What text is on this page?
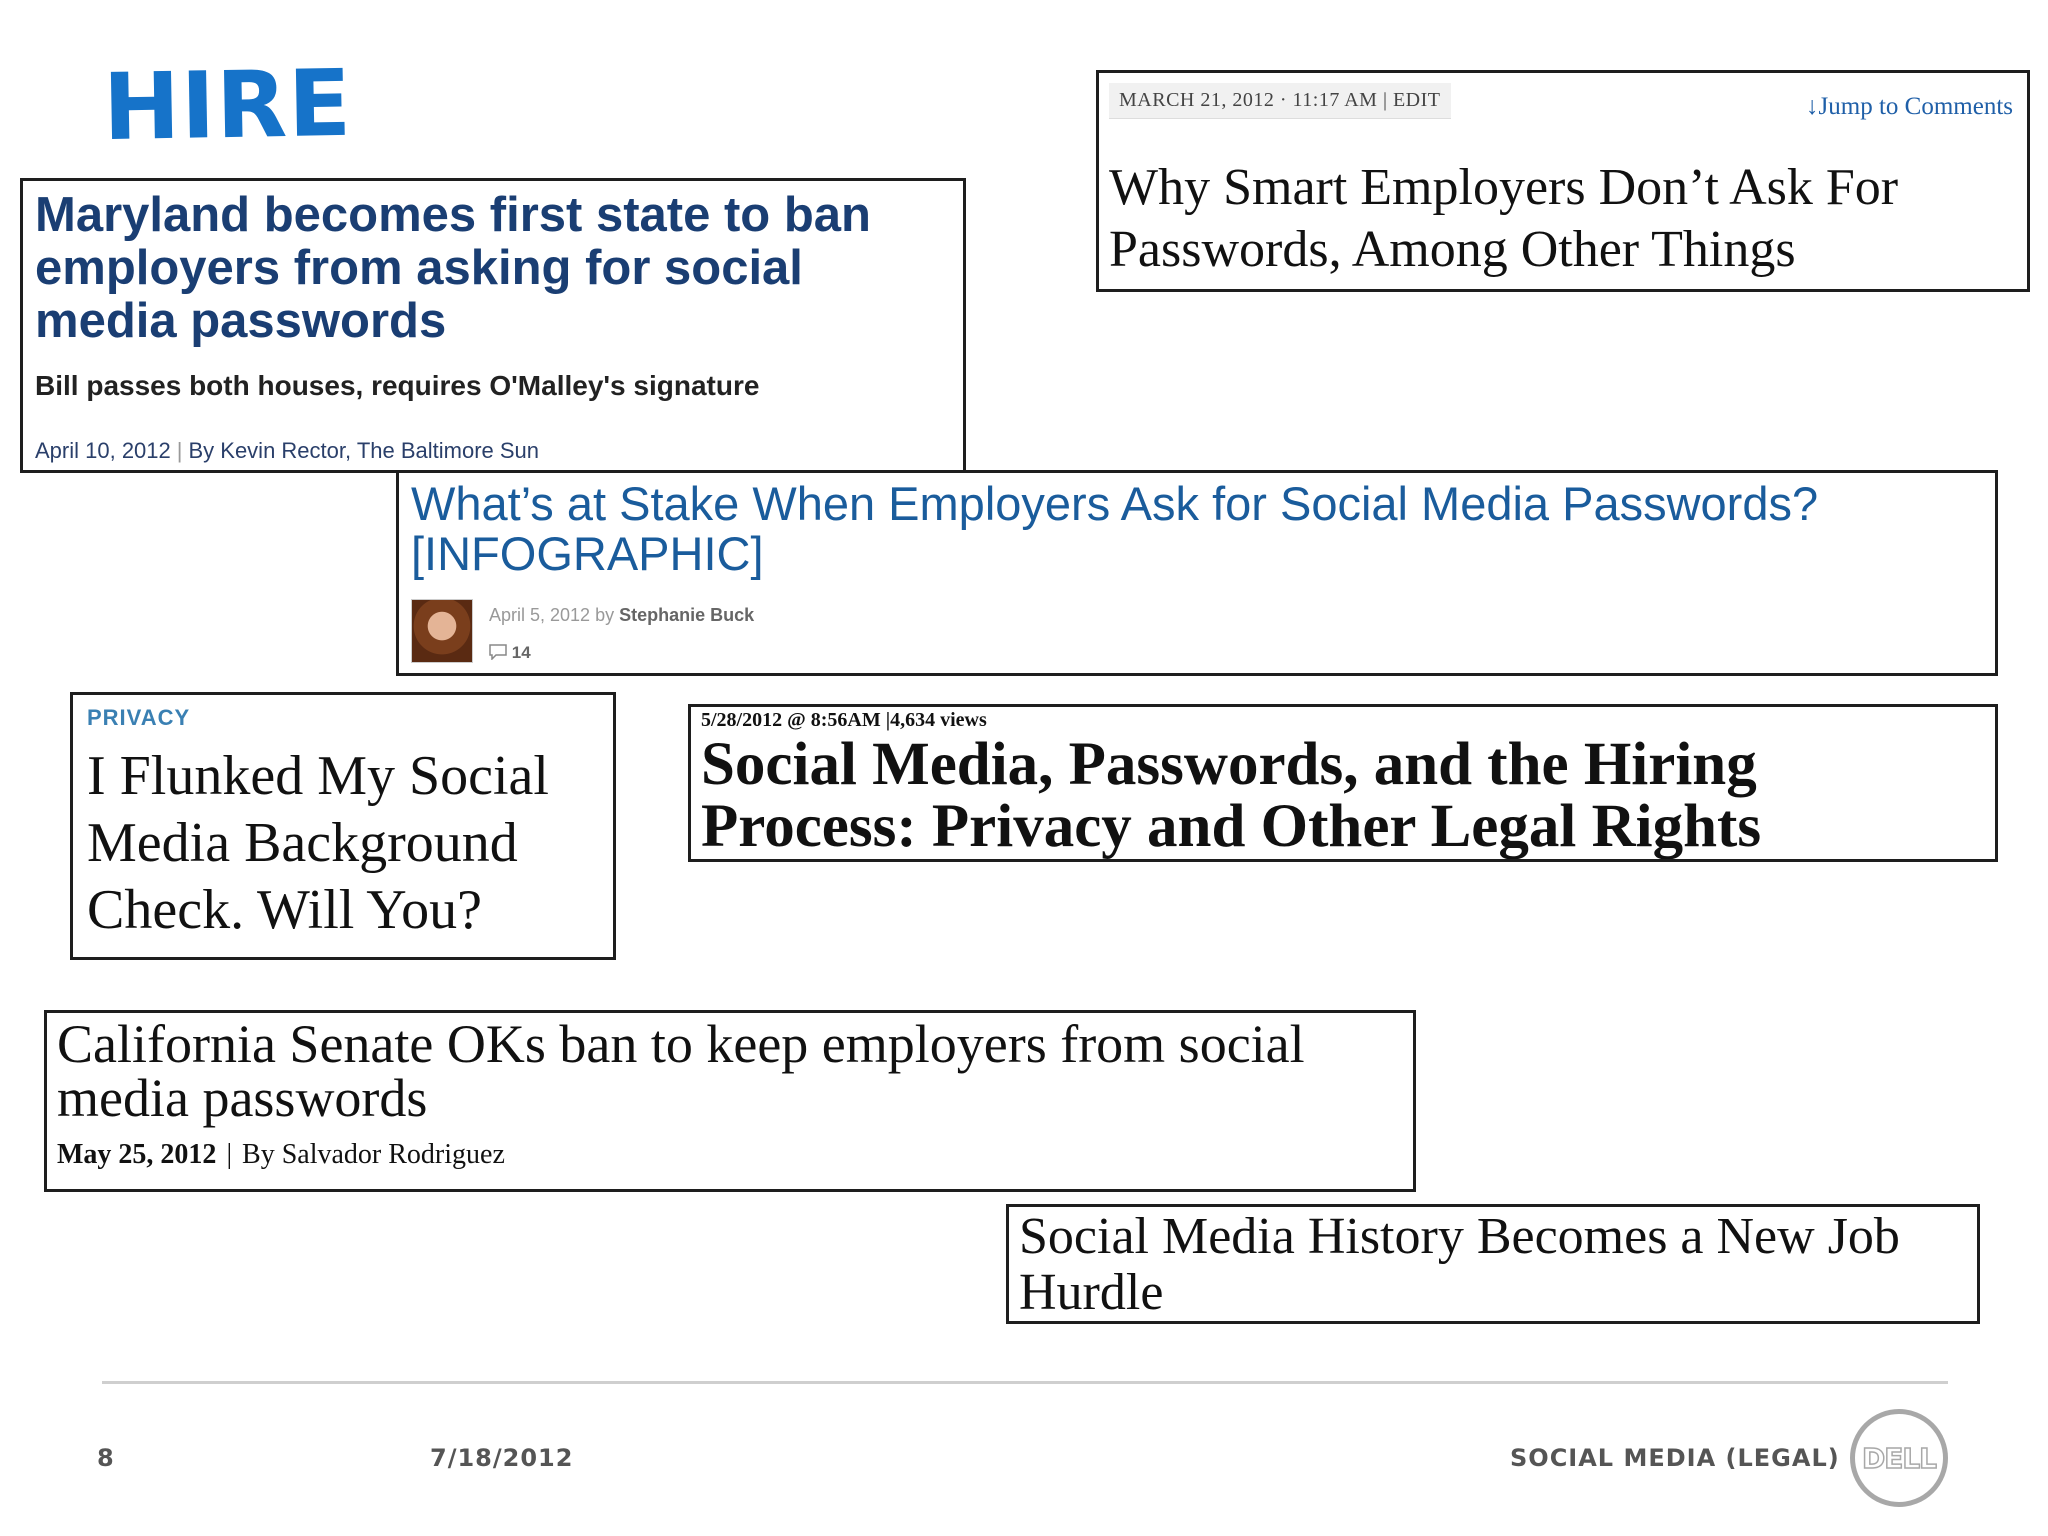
HIRE
Maryland becomes first state to ban employers from asking for social media passwords
Bill passes both houses, requires O'Malley's signature
April 10, 2012 | By Kevin Rector, The Baltimore Sun
MARCH 21, 2012 · 11:17 AM | EDIT	↓Jump to Comments
Why Smart Employers Don’t Ask For Passwords, Among Other Things
What’s at Stake When Employers Ask for Social Media Passwords? [INFOGRAPHIC]
April 5, 2012 by Stephanie Buck
14
PRIVACY
I Flunked My Social Media Background Check. Will You?
5/28/2012 @ 8:56AM |4,634 views
Social Media, Passwords, and the Hiring Process: Privacy and Other Legal Rights
California Senate OKs ban to keep employers from social media passwords
May 25, 2012 | By Salvador Rodriguez
Social Media History Becomes a New Job Hurdle
8	7/18/2012	SOCIAL MEDIA (LEGAL) DELL
